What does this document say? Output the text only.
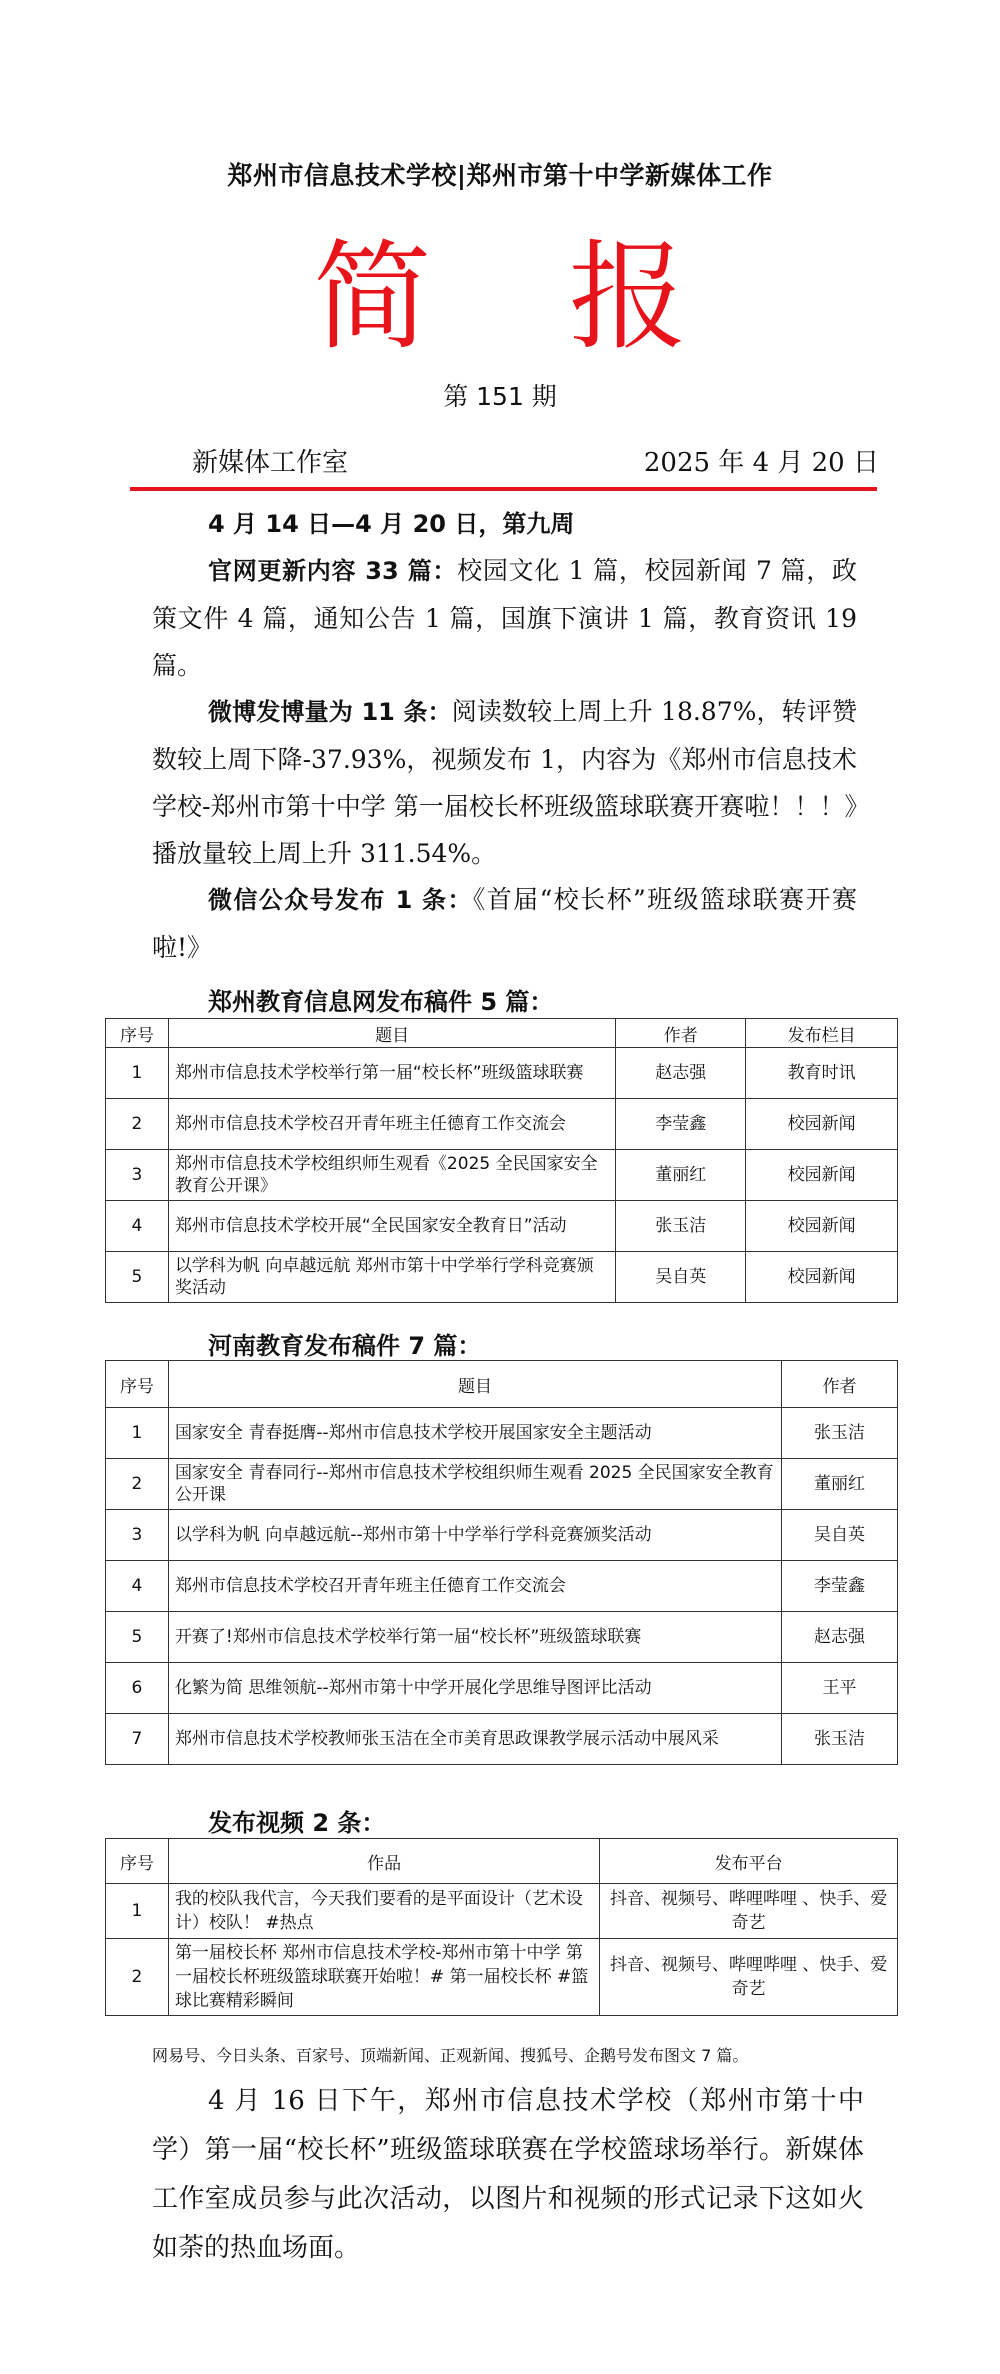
郑州市信息技术学校|郑州市第十中学新媒体工作
简 报
第 151 期
新媒体工作室	2025 年 4 月 20 日
4 月 14 日—4 月 20 日，第九周
官网更新内容 33 篇：校园文化 1 篇，校园新闻 7 篇，政策文件 4 篇，通知公告 1 篇，国旗下演讲 1 篇，教育资讯 19 篇。
微博发博量为 11 条：阅读数较上周上升 18.87%，转评赞数较上周下降-37.93%，视频发布 1，内容为《郑州市信息技术学校-郑州市第十中学 第一届校长杯班级篮球联赛开赛啦！！！》播放量较上周上升 311.54%。
微信公众号发布 1 条：《首届“校长杯”班级篮球联赛开赛啦!》
郑州教育信息网发布稿件 5 篇：
序号	题目	作者	发布栏目
1	郑州市信息技术学校举行第一届“校长杯”班级篮球联赛	赵志强	教育时讯
2	郑州市信息技术学校召开青年班主任德育工作交流会	李莹鑫	校园新闻
3	郑州市信息技术学校组织师生观看《2025 全民国家安全教育公开课》	董丽红	校园新闻
4	郑州市信息技术学校开展“全民国家安全教育日”活动	张玉洁	校园新闻
5	以学科为帆 向卓越远航 郑州市第十中学举行学科竞赛颁奖活动	吴自英	校园新闻
河南教育发布稿件 7 篇：
序号	题目	作者
1	国家安全 青春挺膺--郑州市信息技术学校开展国家安全主题活动	张玉洁
2	国家安全 青春同行--郑州市信息技术学校组织师生观看 2025 全民国家安全教育公开课	董丽红
3	以学科为帆 向卓越远航--郑州市第十中学举行学科竞赛颁奖活动	吴自英
4	郑州市信息技术学校召开青年班主任德育工作交流会	李莹鑫
5	开赛了!郑州市信息技术学校举行第一届“校长杯”班级篮球联赛	赵志强
6	化繁为简 思维领航--郑州市第十中学开展化学思维导图评比活动	王平
7	郑州市信息技术学校教师张玉洁在全市美育思政课教学展示活动中展风采	张玉洁
发布视频 2 条：
序号	作品	发布平台
1	我的校队我代言，今天我们要看的是平面设计（艺术设计）校队！ #热点	抖音、视频号、哔哩哔哩 、快手、爱奇艺
2	第一届校长杯 郑州市信息技术学校-郑州市第十中学 第一届校长杯班级篮球联赛开始啦！# 第一届校长杯 #篮球比赛精彩瞬间	抖音、视频号、哔哩哔哩 、快手、爱奇艺
网易号、今日头条、百家号、顶端新闻、正观新闻、搜狐号、企鹅号发布图文 7 篇。
4 月 16 日下午，郑州市信息技术学校（郑州市第十中学）第一届“校长杯”班级篮球联赛在学校篮球场举行。新媒体工作室成员参与此次活动，以图片和视频的形式记录下这如火如荼的热血场面。
